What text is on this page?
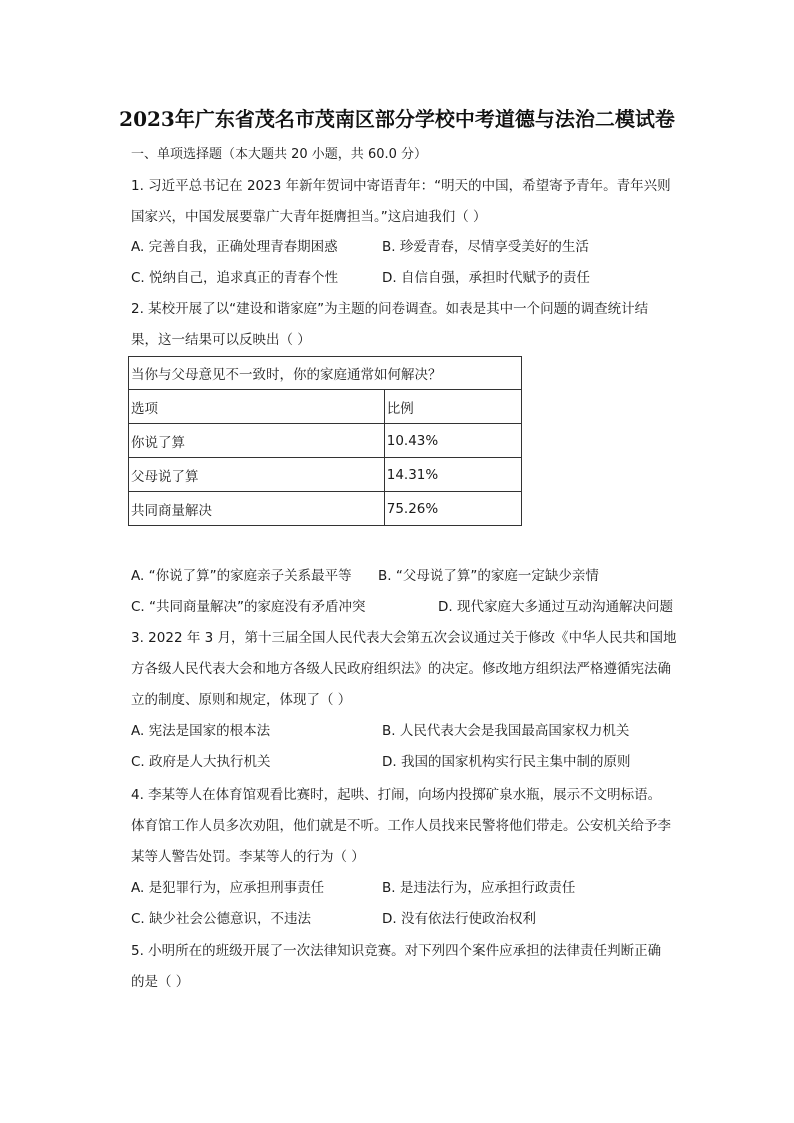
2023年广东省茂名市茂南区部分学校中考道德与法治二模试卷
一、单项选择题（本大题共 20 小题，共 60.0 分）
1. 习近平总书记在 2023 年新年贺词中寄语青年：“明天的中国，希望寄予青年。青年兴则
国家兴，中国发展要靠广大青年挺膺担当。”这启迪我们（ ）
A. 完善自我，正确处理青春期困惑	B. 珍爱青春，尽情享受美好的生活
C. 悦纳自己，追求真正的青春个性	D. 自信自强，承担时代赋予的责任
2. 某校开展了以“建设和谐家庭”为主题的问卷调查。如表是其中一个问题的调查统计结
果，这一结果可以反映出（ ）
当你与父母意见不一致时，你的家庭通常如何解决？	
选项	比例
你说了算	10.43%
父母说了算	14.31%
共同商量解决	75.26%
A. “你说了算”的家庭亲子关系最平等 B. “父母说了算”的家庭一定缺少亲情
C. “共同商量解决”的家庭没有矛盾冲突	D. 现代家庭大多通过互动沟通解决问题
3. 2022 年 3 月，第十三届全国人民代表大会第五次会议通过关于修改《中华人民共和国地
方各级人民代表大会和地方各级人民政府组织法》的决定。修改地方组织法严格遵循宪法确
立的制度、原则和规定，体现了（ ）
A. 宪法是国家的根本法	B. 人民代表大会是我国最高国家权力机关
C. 政府是人大执行机关	D. 我国的国家机构实行民主集中制的原则
4. 李某等人在体育馆观看比赛时，起哄、打闹，向场内投掷矿泉水瓶，展示不文明标语。
体育馆工作人员多次劝阻，他们就是不听。工作人员找来民警将他们带走。公安机关给予李
某等人警告处罚。李某等人的行为（ ）
A. 是犯罪行为，应承担刑事责任	B. 是违法行为，应承担行政责任
C. 缺少社会公德意识，不违法	D. 没有依法行使政治权利
5. 小明所在的班级开展了一次法律知识竞赛。对下列四个案件应承担的法律责任判断正确
的是（ ）
